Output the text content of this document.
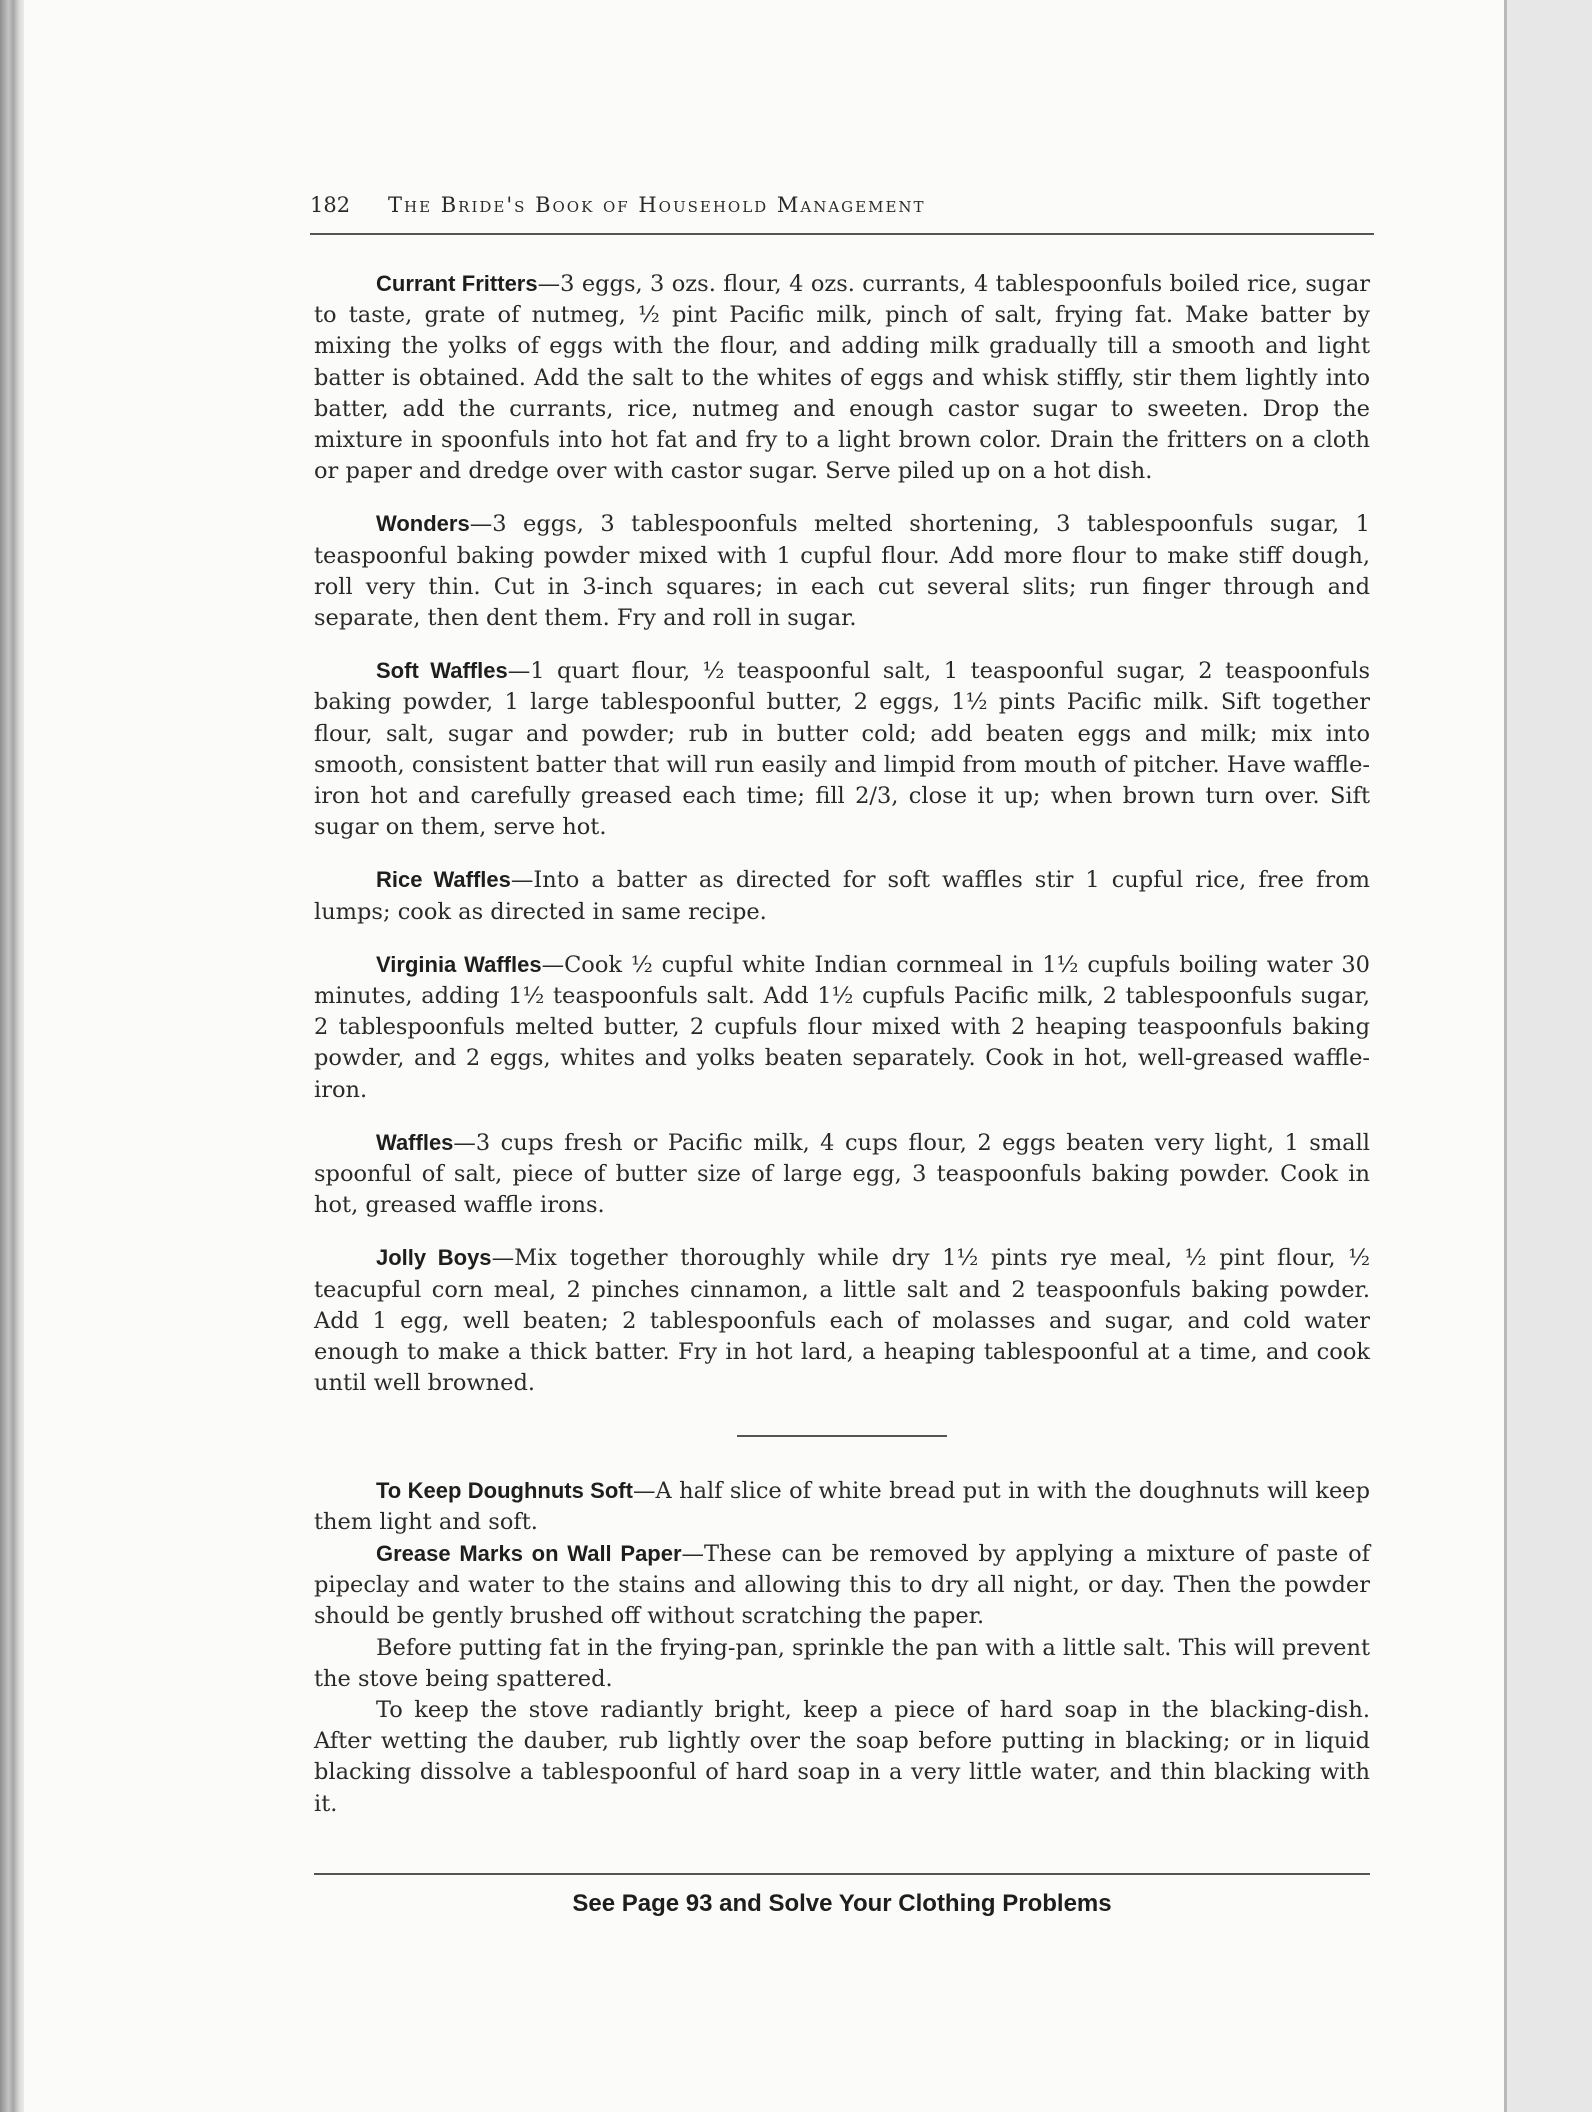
182	The Bride's Book of Household Management

Currant Fritters—3 eggs, 3 ozs. flour, 4 ozs. currants, 4 tablespoonfuls boiled rice, sugar to taste, grate of nutmeg, ½ pint Pacific milk, pinch of salt, frying fat. Make batter by mixing the yolks of eggs with the flour, and adding milk gradually till a smooth and light batter is obtained. Add the salt to the whites of eggs and whisk stiffly, stir them lightly into batter, add the currants, rice, nutmeg and enough castor sugar to sweeten. Drop the mixture in spoonfuls into hot fat and fry to a light brown color. Drain the fritters on a cloth or paper and dredge over with castor sugar. Serve piled up on a hot dish.

Wonders—3 eggs, 3 tablespoonfuls melted shortening, 3 tablespoonfuls sugar, 1 teaspoonful baking powder mixed with 1 cupful flour. Add more flour to make stiff dough, roll very thin. Cut in 3-inch squares; in each cut several slits; run finger through and separate, then dent them. Fry and roll in sugar.

Soft Waffles—1 quart flour, ½ teaspoonful salt, 1 teaspoonful sugar, 2 teaspoonfuls baking powder, 1 large tablespoonful butter, 2 eggs, 1½ pints Pacific milk. Sift together flour, salt, sugar and powder; rub in butter cold; add beaten eggs and milk; mix into smooth, consistent batter that will run easily and limpid from mouth of pitcher. Have waffle-iron hot and carefully greased each time; fill 2/3, close it up; when brown turn over. Sift sugar on them, serve hot.

Rice Waffles—Into a batter as directed for soft waffles stir 1 cupful rice, free from lumps; cook as directed in same recipe.

Virginia Waffles—Cook ½ cupful white Indian cornmeal in 1½ cupfuls boiling water 30 minutes, adding 1½ teaspoonfuls salt. Add 1½ cupfuls Pacific milk, 2 tablespoonfuls sugar, 2 tablespoonfuls melted butter, 2 cupfuls flour mixed with 2 heaping teaspoonfuls baking powder, and 2 eggs, whites and yolks beaten separately. Cook in hot, well-greased waffle-iron.

Waffles—3 cups fresh or Pacific milk, 4 cups flour, 2 eggs beaten very light, 1 small spoonful of salt, piece of butter size of large egg, 3 teaspoonfuls baking powder. Cook in hot, greased waffle irons.

Jolly Boys—Mix together thoroughly while dry 1½ pints rye meal, ½ pint flour, ½ teacupful corn meal, 2 pinches cinnamon, a little salt and 2 teaspoonfuls baking powder. Add 1 egg, well beaten; 2 tablespoonfuls each of molasses and sugar, and cold water enough to make a thick batter. Fry in hot lard, a heaping tablespoonful at a time, and cook until well browned.

To Keep Doughnuts Soft—A half slice of white bread put in with the doughnuts will keep them light and soft.

Grease Marks on Wall Paper—These can be removed by applying a mixture of paste of pipeclay and water to the stains and allowing this to dry all night, or day. Then the powder should be gently brushed off without scratching the paper.

Before putting fat in the frying-pan, sprinkle the pan with a little salt. This will prevent the stove being spattered.

To keep the stove radiantly bright, keep a piece of hard soap in the blacking-dish. After wetting the dauber, rub lightly over the soap before putting in blacking; or in liquid blacking dissolve a tablespoonful of hard soap in a very little water, and thin blacking with it.

See Page 93 and Solve Your Clothing Problems
